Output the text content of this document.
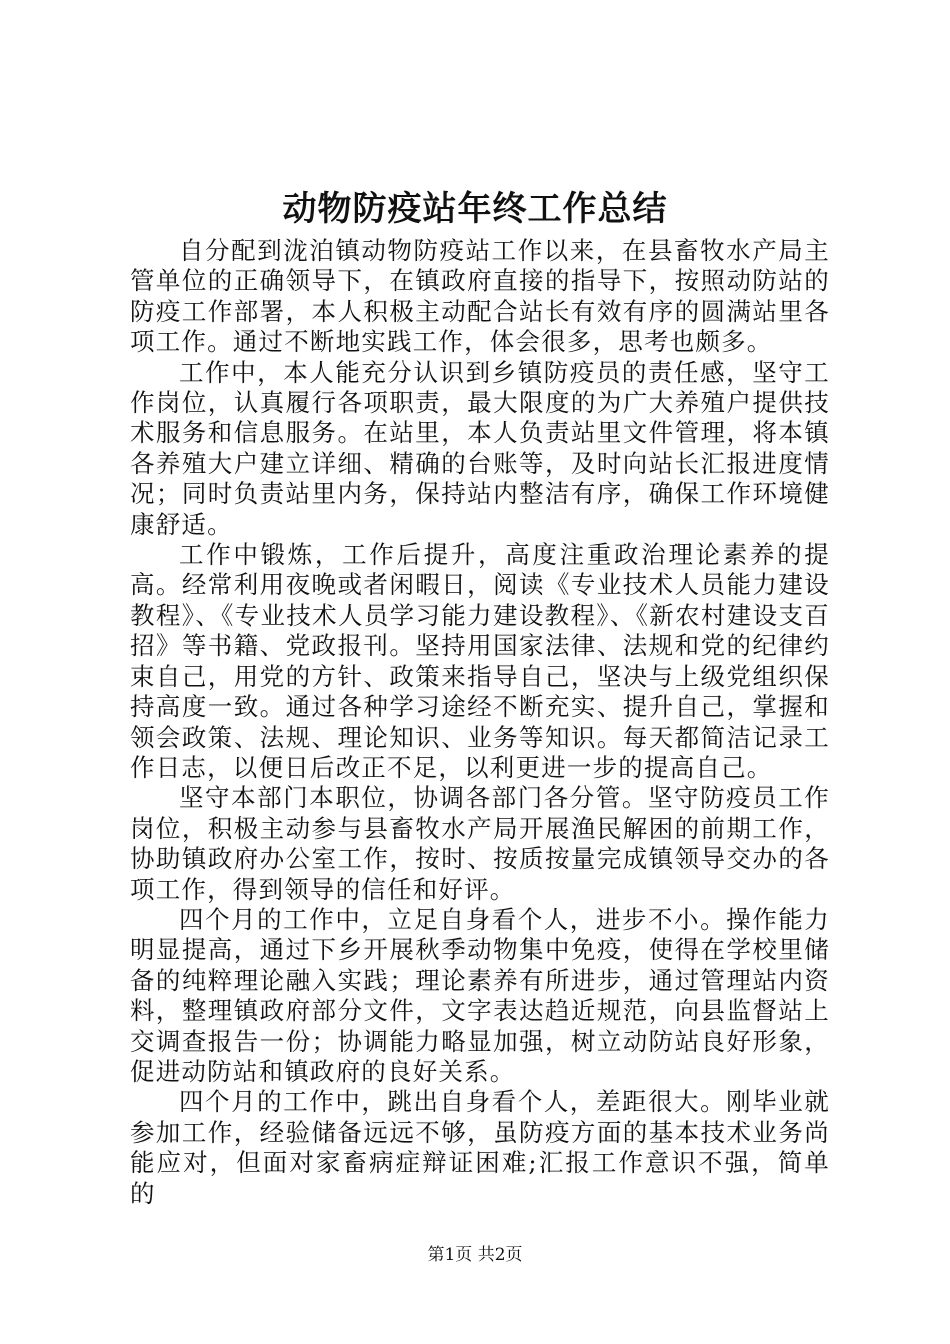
动物防疫站年终工作总结

自分配到泷泊镇动物防疫站工作以来，在县畜牧水产局主管单位的正确领导下，在镇政府直接的指导下，按照动防站的防疫工作部署，本人积极主动配合站长有效有序的圆满站里各项工作。通过不断地实践工作，体会很多，思考也颇多。

工作中，本人能充分认识到乡镇防疫员的责任感，坚守工作岗位，认真履行各项职责，最大限度的为广大养殖户提供技术服务和信息服务。在站里，本人负责站里文件管理，将本镇各养殖大户建立详细、精确的台账等，及时向站长汇报进度情况；同时负责站里内务，保持站内整洁有序，确保工作环境健康舒适。

工作中锻炼，工作后提升，高度注重政治理论素养的提高。经常利用夜晚或者闲暇日，阅读《专业技术人员能力建设教程》、《专业技术人员学习能力建设教程》、《新农村建设支百招》等书籍、党政报刊。坚持用国家法律、法规和党的纪律约束自己，用党的方针、政策来指导自己，坚决与上级党组织保持高度一致。通过各种学习途经不断充实、提升自己，掌握和领会政策、法规、理论知识、业务等知识。每天都简洁记录工作日志，以便日后改正不足，以利更进一步的提高自己。

坚守本部门本职位，协调各部门各分管。坚守防疫员工作岗位，积极主动参与县畜牧水产局开展渔民解困的前期工作，协助镇政府办公室工作，按时、按质按量完成镇领导交办的各项工作，得到领导的信任和好评。

四个月的工作中，立足自身看个人，进步不小。操作能力明显提高，通过下乡开展秋季动物集中免疫，使得在学校里储备的纯粹理论融入实践；理论素养有所进步，通过管理站内资料，整理镇政府部分文件，文字表达趋近规范，向县监督站上交调查报告一份；协调能力略显加强，树立动防站良好形象，促进动防站和镇政府的良好关系。

四个月的工作中，跳出自身看个人，差距很大。刚毕业就参加工作，经验储备远远不够，虽防疫方面的基本技术业务尚能应对，但面对家畜病症辩证困难;汇报工作意识不强，简单的

第1页 共2页
